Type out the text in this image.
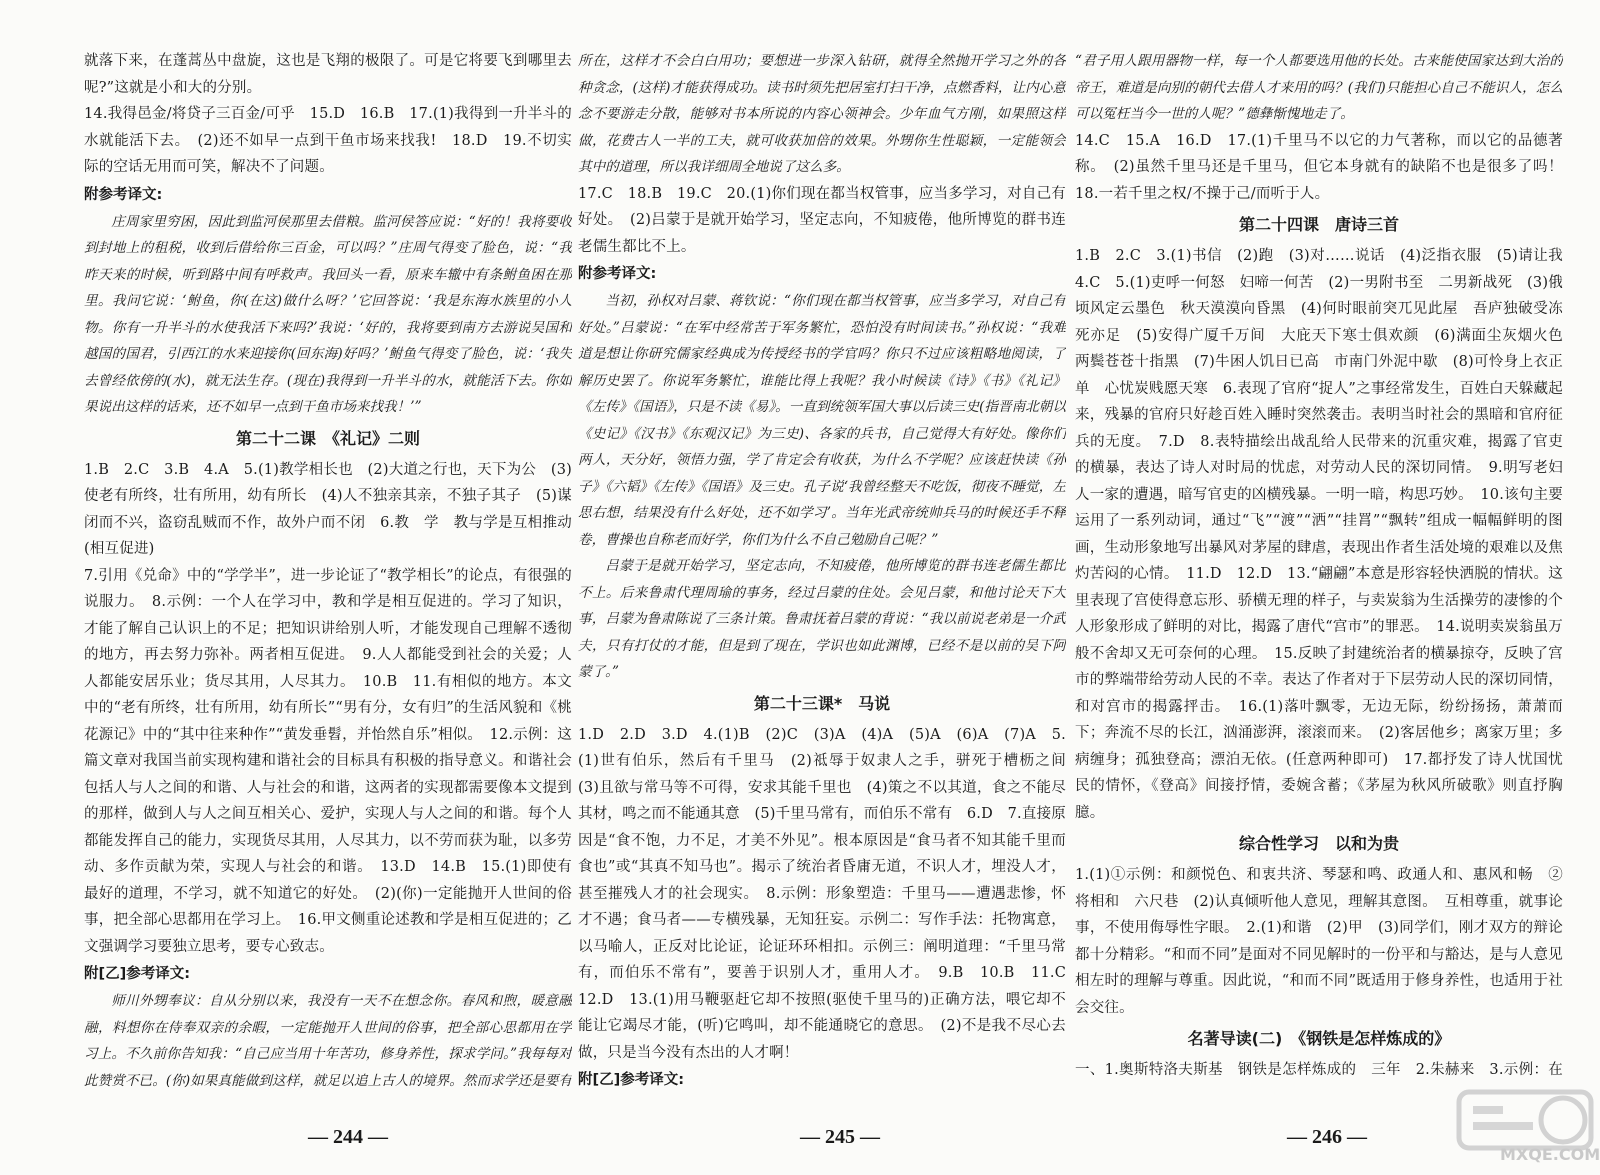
就落下来，在蓬蒿丛中盘旋，这也是飞翔的极限了。可是它将要飞到哪里去呢?”这就是小和大的分别。

14.我得邑金/将贷子三百金/可乎　15.D　16.B　17.(1)我得到一升半斗的水就能活下去。　(2)还不如早一点到干鱼市场来找我!　18.D　19.不切实际的空话无用而可笑，解决不了问题。

附参考译文:

庄周家里穷困，因此到监河侯那里去借粮。监河侯答应说：“好的！我将要收到封地上的租税，收到后借给你三百金，可以吗？”庄周气得变了脸色，说：“我昨天来的时候，听到路中间有呼救声。我回头一看，原来车辙中有条鲋鱼困在那里。我问它说：‘鲋鱼，你(在这)做什么呀？’它回答说：‘我是东海水族里的小人物。你有一升半斗的水使我活下来吗?’我说：‘好的，我将要到南方去游说吴国和越国的国君，引西江的水来迎接你(回东海)好吗？’鲋鱼气得变了脸色，说：‘我失去曾经依傍的(水)，就无法生存。(现在)我得到一升半斗的水，就能活下去。你如果说出这样的话来，还不如早一点到干鱼市场来找我！’”

第二十二课　《礼记》二则

1.B　2.C　3.B　4.A　5.(1)教学相长也　(2)大道之行也，天下为公　(3)使老有所终，壮有所用，幼有所长　(4)人不独亲其亲，不独子其子　(5)谋闭而不兴，盗窃乱贼而不作，故外户而不闭　6.教　学　教与学是互相推动(相互促进)

7.引用《兑命》中的“学学半”，进一步论证了“教学相长”的论点，有很强的说服力。　8.示例：一个人在学习中，教和学是相互促进的。学习了知识，才能了解自己认识上的不足；把知识讲给别人听，才能发现自己理解不透彻的地方，再去努力弥补。两者相互促进。　9.人人都能受到社会的关爱；人人都能安居乐业；货尽其用，人尽其力。　10.B　11.有相似的地方。本文中的“老有所终，壮有所用，幼有所长”“男有分，女有归”的生活风貌和《桃花源记》中的“其中往来种作”“黄发垂髫，并怡然自乐”相似。　12.示例：这篇文章对我国当前实现构建和谐社会的目标具有积极的指导意义。和谐社会包括人与人之间的和谐、人与社会的和谐，这两者的实现都需要像本文提到的那样，做到人与人之间互相关心、爱护，实现人与人之间的和谐。每个人都能发挥自己的能力，实现货尽其用，人尽其力，以不劳而获为耻，以多劳动、多作贡献为荣，实现人与社会的和谐。　13.D　14.B　15.(1)即使有最好的道理，不学习，就不知道它的好处。　(2)(你)一定能抛开人世间的俗事，把全部心思都用在学习上。　16.甲文侧重论述教和学是相互促进的；乙文强调学习要独立思考，要专心致志。

附[乙]参考译文:

师川外甥奉议：自从分别以来，我没有一天不在想念你。春风和煦，暖意融融，料想你在侍奉双亲的余暇，一定能抛开人世间的俗事，把全部心思都用在学习上。不久前你告知我：“自己应当用十年苦功，修身养性，探求学问。”我每每对此赞赏不已。(你)如果真能做到这样，就足以追上古人的境界。然而求学还是要有

所在，这样才不会白白用功；要想进一步深入钻研，就得全然抛开学习之外的各种贪念，(这样)才能获得成功。读书时须先把居室打扫干净，点燃香料，让内心意念不要游走分散，能够对书本所说的内容心领神会。少年血气方刚，如果照这样做，花费古人一半的工夫，就可收获加倍的效果。外甥你生性聪颖，一定能领会其中的道理，所以我详细周全地说了这么多。

17.C　18.B　19.C　20.(1)你们现在都当权管事，应当多学习，对自己有好处。　(2)吕蒙于是就开始学习，坚定志向，不知疲倦，他所博览的群书连老儒生都比不上。

附参考译文:

当初，孙权对吕蒙、蒋钦说：“你们现在都当权管事，应当多学习，对自己有好处。”吕蒙说：“在军中经常苦于军务繁忙，恐怕没有时间读书。”孙权说：“我难道是想让你研究儒家经典成为传授经书的学官吗？你只不过应该粗略地阅读，了解历史罢了。你说军务繁忙，谁能比得上我呢？我小时候读《诗》《书》《礼记》《左传》《国语》，只是不读《易》。一直到统领军国大事以后读三史(指晋南北朝以《史记》《汉书》《东观汉记》为三史)、各家的兵书，自己觉得大有好处。像你们两人，天分好，领悟力强，学了肯定会有收获，为什么不学呢？应该赶快读《孙子》《六韬》《左传》《国语》及三史。孔子说‘我曾经整天不吃饭，彻夜不睡觉，左思右想，结果没有什么好处，还不如学习’。当年光武帝统帅兵马的时候还手不释卷，曹操也自称老而好学，你们为什么不自己勉励自己呢？”

吕蒙于是就开始学习，坚定志向，不知疲倦，他所博览的群书连老儒生都比不上。后来鲁肃代理周瑜的事务，经过吕蒙的住处。会见吕蒙，和他讨论天下大事，吕蒙为鲁肃陈说了三条计策。鲁肃抚着吕蒙的背说：“我以前说老弟是一介武夫，只有打仗的才能，但是到了现在，学识也如此渊博，已经不是以前的吴下阿蒙了。”

第二十三课*　马说

1.D　2.D　3.D　4.(1)B　(2)C　(3)A　(4)A　(5)A　(6)A　(7)A　5.(1)世有伯乐，然后有千里马　(2)祗辱于奴隶人之手，骈死于槽枥之间　(3)且欲与常马等不可得，安求其能千里也　(4)策之不以其道，食之不能尽其材，鸣之而不能通其意　(5)千里马常有，而伯乐不常有　6.D　7.直接原因是“食不饱，力不足，才美不外见”。根本原因是“食马者不知其能千里而食也”或“其真不知马也”。揭示了统治者昏庸无道，不识人才，埋没人才，甚至摧残人才的社会现实。　8.示例：形象塑造：千里马——遭遇悲惨，怀才不遇；食马者——专横残暴，无知狂妄。示例二：写作手法：托物寓意，以马喻人，正反对比论证，论证环环相扣。示例三：阐明道理：“千里马常有，而伯乐不常有”，要善于识别人才，重用人才。　9.B　10.B　11.C　12.D　13.(1)用马鞭驱赶它却不按照(驱使千里马的)正确方法，喂它却不能让它竭尽才能，(听)它鸣叫，却不能通晓它的意思。　(2)不是我不尽心去做，只是当今没有杰出的人才啊！

附[乙]参考译文:

“君子用人跟用器物一样，每一个人都要选用他的长处。古来能使国家达到大治的帝王，难道是向别的朝代去借人才来用的吗？(我们)只能担心自己不能识人，怎么可以冤枉当今一世的人呢？”德彝惭愧地走了。

14.C　15.A　16.D　17.(1)千里马不以它的力气著称，而以它的品德著称。　(2)虽然千里马还是千里马，但它本身就有的缺陷不也是很多了吗！　18.一若千里之权/不操于己/而听于人。

第二十四课　唐诗三首

1.B　2.C　3.(1)书信　(2)跑　(3)对……说话　(4)泛指衣服　(5)请让我　4.C　5.(1)吏呼一何怒　妇啼一何苦　(2)一男附书至　二男新战死　(3)俄顷风定云墨色　秋天漠漠向昏黑　(4)何时眼前突兀见此屋　吾庐独破受冻死亦足　(5)安得广厦千万间　大庇天下寒士俱欢颜　(6)满面尘灰烟火色　两鬓苍苍十指黑　(7)牛困人饥日已高　市南门外泥中歇　(8)可怜身上衣正单　心忧炭贱愿天寒　6.表现了官府“捉人”之事经常发生，百姓白天躲藏起来，残暴的官府只好趁百姓入睡时突然袭击。表明当时社会的黑暗和官府征兵的无度。　7.D　8.表特描绘出战乱给人民带来的沉重灾难，揭露了官吏的横暴，表达了诗人对时局的忧虑，对劳动人民的深切同情。　9.明写老妇人一家的遭遇，暗写官吏的凶横残暴。一明一暗，构思巧妙。　10.该句主要运用了一系列动词，通过“飞”“渡”“洒”“挂罥”“飘转”组成一幅幅鲜明的图画，生动形象地写出暴风对茅屋的肆虐，表现出作者生活处境的艰难以及焦灼苦闷的心情。　11.D　12.D　13.“翩翩”本意是形容轻快洒脱的情状。这里表现了宫使得意忘形、骄横无理的样子，与卖炭翁为生活操劳的凄惨的个人形象形成了鲜明的对比，揭露了唐代“宫市”的罪恶。　14.说明卖炭翁虽万般不舍却又无可奈何的心理。　15.反映了封建统治者的横暴掠夺，反映了宫市的弊端带给劳动人民的不幸。表达了作者对于下层劳动人民的深切同情，和对宫市的揭露抨击。　16.(1)落叶飘零，无边无际，纷纷扬扬，萧萧而下；奔流不尽的长江，汹涌澎湃，滚滚而来。　(2)客居他乡；离家万里；多病缠身；孤独登高；漂泊无依。(任意两种即可)　17.都抒发了诗人忧国忧民的情怀，《登高》间接抒情，委婉含蓄；《茅屋为秋风所破歌》则直抒胸臆。

综合性学习　以和为贵

1.(1)①示例：和颜悦色、和衷共济、琴瑟和鸣、政通人和、惠风和畅　②将相和　六尺巷　(2)认真倾听他人意见，理解其意图。　互相尊重，就事论事，不使用侮辱性字眼。　2.(1)和谐　(2)甲　(3)同学们，刚才双方的辩论都十分精彩。“和而不同”是面对不同见解时的一份平和与豁达，是与人意见相左时的理解与尊重。因此说，“和而不同”既适用于修身养性，也适用于社会交往。

名著导读(二)　《钢铁是怎样炼成的》

一、1.奥斯特洛夫斯基　钢铁是怎样炼成的　三年　2.朱赫来　3.示例：在　　　　

— 244 —	— 245 —	— 246 —
MXQE.COM
